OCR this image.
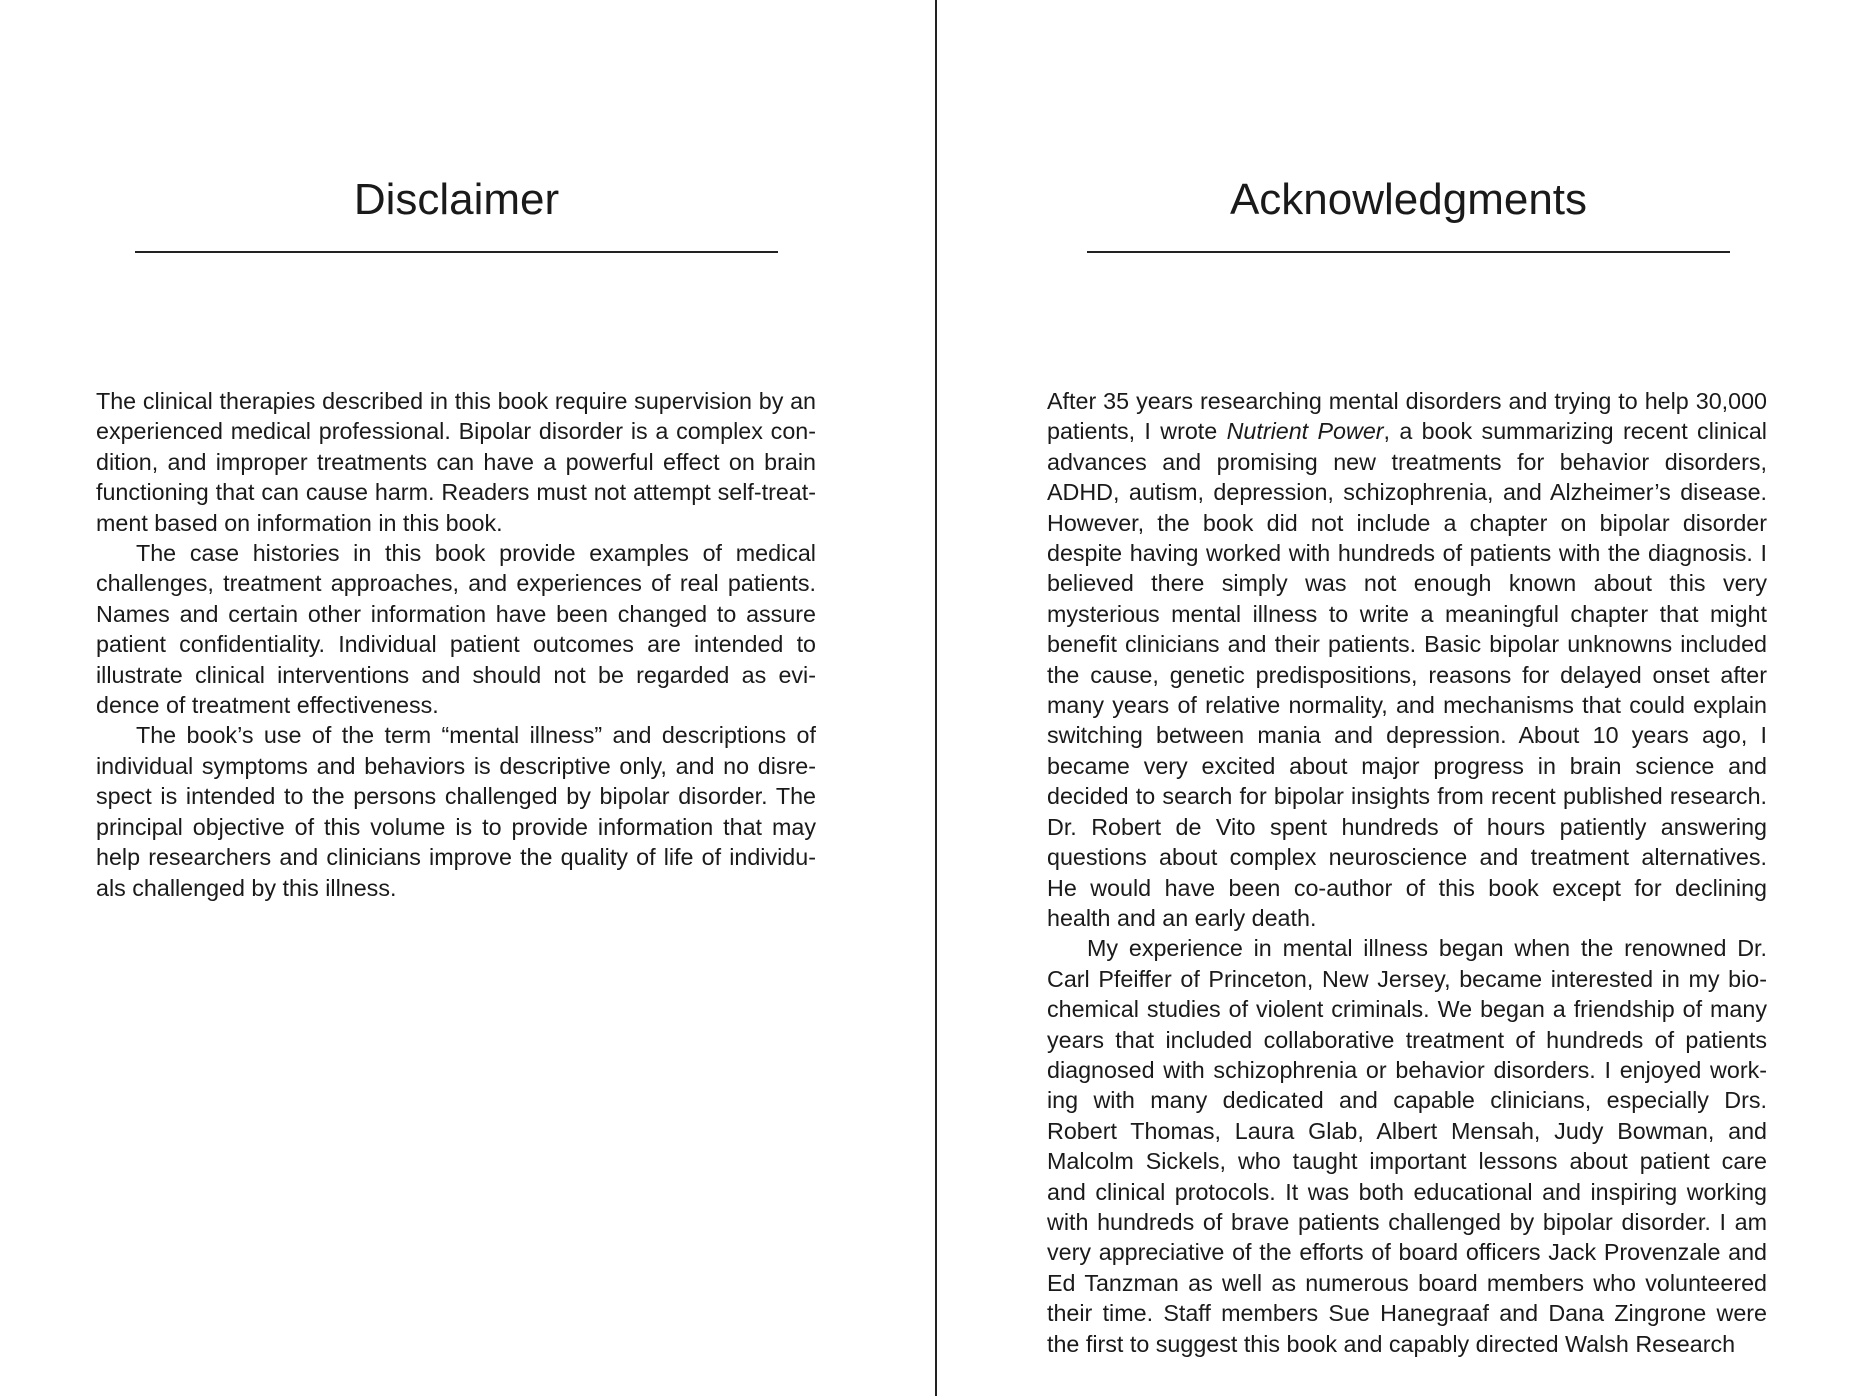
Disclaimer

The clinical therapies described in this book require supervision by an experienced medical professional. Bipolar disorder is a complex condition, and improper treatments can have a powerful effect on brain functioning that can cause harm. Readers must not attempt self-treatment based on information in this book.

The case histories in this book provide examples of medical challenges, treatment approaches, and experiences of real patients. Names and certain other information have been changed to assure patient confidentiality. Individual patient outcomes are intended to illustrate clinical interventions and should not be regarded as evidence of treatment effectiveness.

The book’s use of the term “mental illness” and descriptions of individual symptoms and behaviors is descriptive only, and no disrespect is intended to the persons challenged by bipolar disorder. The principal objective of this volume is to provide information that may help researchers and clinicians improve the quality of life of individuals challenged by this illness.

Acknowledgments

After 35 years researching mental disorders and trying to help 30,000 patients, I wrote Nutrient Power, a book summarizing recent clinical advances and promising new treatments for behavior disorders, ADHD, autism, depression, schizophrenia, and Alzheimer’s disease. However, the book did not include a chapter on bipolar disorder despite having worked with hundreds of patients with the diagnosis. I believed there simply was not enough known about this very mysterious mental illness to write a meaningful chapter that might benefit clinicians and their patients. Basic bipolar unknowns included the cause, genetic predispositions, reasons for delayed onset after many years of relative normality, and mechanisms that could explain switching between mania and depression. About 10 years ago, I became very excited about major progress in brain science and decided to search for bipolar insights from recent published research. Dr. Robert de Vito spent hundreds of hours patiently answering questions about complex neuroscience and treatment alternatives. He would have been co-author of this book except for declining health and an early death.

My experience in mental illness began when the renowned Dr. Carl Pfeiffer of Princeton, New Jersey, became interested in my biochemical studies of violent criminals. We began a friendship of many years that included collaborative treatment of hundreds of patients diagnosed with schizophrenia or behavior disorders. I enjoyed working with many dedicated and capable clinicians, especially Drs. Robert Thomas, Laura Glab, Albert Mensah, Judy Bowman, and Malcolm Sickels, who taught important lessons about patient care and clinical protocols. It was both educational and inspiring working with hundreds of brave patients challenged by bipolar disorder. I am very appreciative of the efforts of board officers Jack Provenzale and Ed Tanzman as well as numerous board members who volunteered their time. Staff members Sue Hanegraaf and Dana Zingrone were the first to suggest this book and capably directed Walsh Research
